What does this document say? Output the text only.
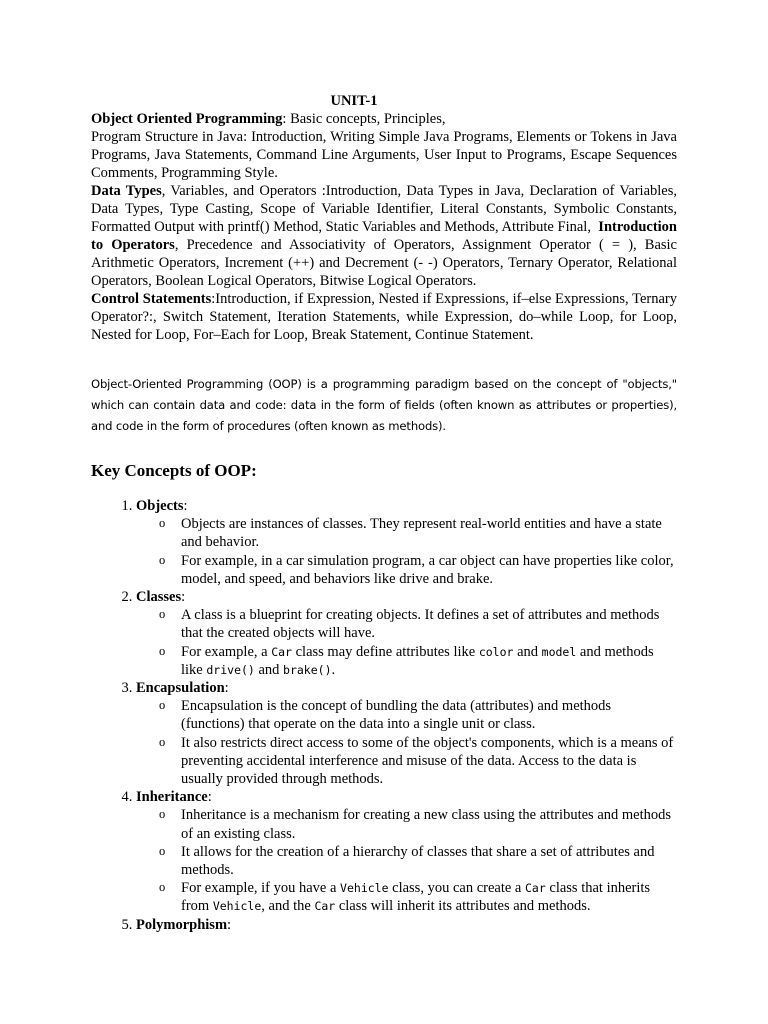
UNIT-1

Object Oriented Programming: Basic concepts, Principles,

Program Structure in Java: Introduction, Writing Simple Java Programs, Elements or Tokens in Java Programs, Java Statements, Command Line Arguments, User Input to Programs, Escape Sequences Comments, Programming Style.

Data Types, Variables, and Operators :Introduction, Data Types in Java, Declaration of Variables, Data Types, Type Casting, Scope of Variable Identifier, Literal Constants, Symbolic Constants, Formatted Output with printf() Method, Static Variables and Methods, Attribute Final,  Introduction to Operators, Precedence and Associativity of Operators, Assignment Operator ( = ), Basic Arithmetic Operators, Increment (++) and Decrement (- -) Operators, Ternary Operator, Relational Operators, Boolean Logical Operators, Bitwise Logical Operators.

Control Statements:Introduction, if Expression, Nested if Expressions, if–else Expressions, Ternary Operator?:, Switch Statement, Iteration Statements, while Expression, do–while Loop, for Loop, Nested for Loop, For–Each for Loop, Break Statement, Continue Statement.

Object-Oriented Programming (OOP) is a programming paradigm based on the concept of "objects," which can contain data and code: data in the form of fields (often known as attributes or properties), and code in the form of procedures (often known as methods).
Key Concepts of OOP:
1. Objects:
o Objects are instances of classes. They represent real-world entities and have a state and behavior.
o For example, in a car simulation program, a car object can have properties like color, model, and speed, and behaviors like drive and brake.
2. Classes:
o A class is a blueprint for creating objects. It defines a set of attributes and methods that the created objects will have.
o For example, a Car class may define attributes like color and model and methods like drive() and brake().
3. Encapsulation:
o Encapsulation is the concept of bundling the data (attributes) and methods (functions) that operate on the data into a single unit or class.
o It also restricts direct access to some of the object's components, which is a means of preventing accidental interference and misuse of the data. Access to the data is usually provided through methods.
4. Inheritance:
o Inheritance is a mechanism for creating a new class using the attributes and methods of an existing class.
o It allows for the creation of a hierarchy of classes that share a set of attributes and methods.
o For example, if you have a Vehicle class, you can create a Car class that inherits from Vehicle, and the Car class will inherit its attributes and methods.
5. Polymorphism:
